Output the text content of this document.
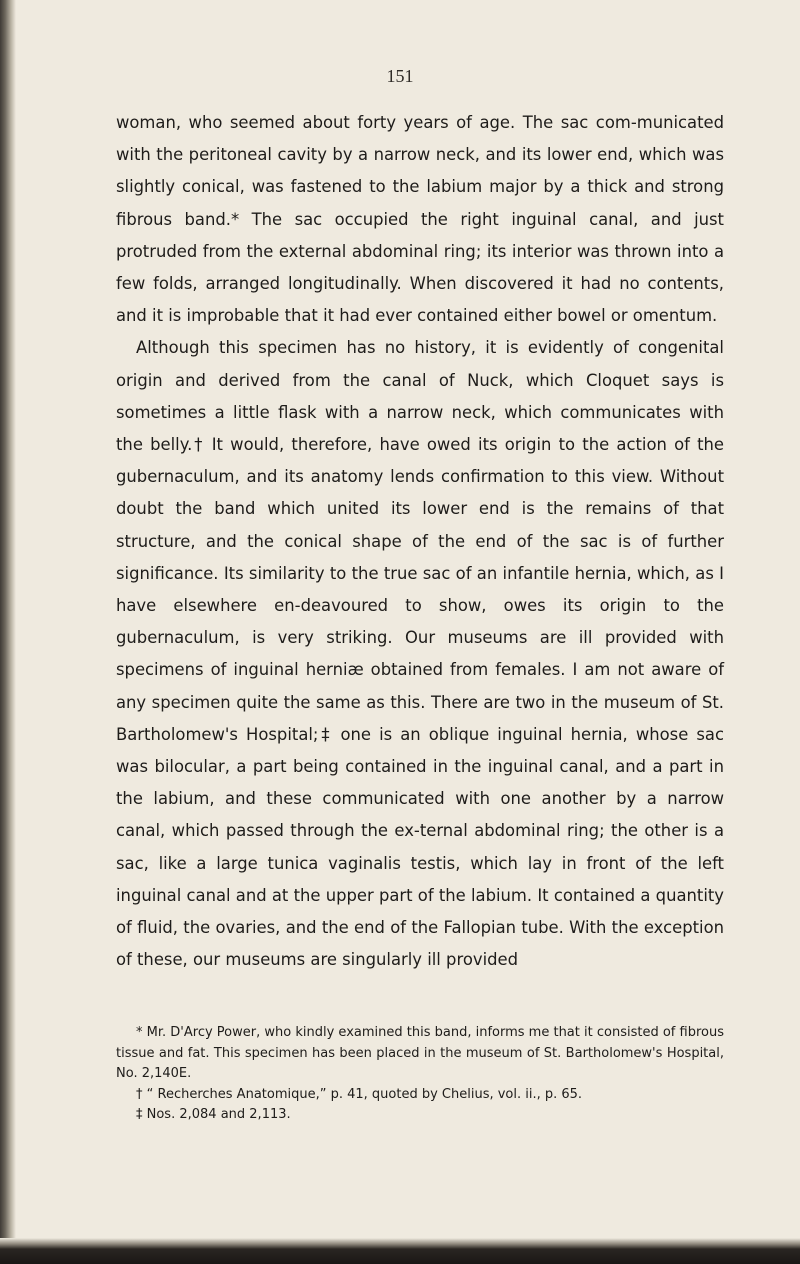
151

woman, who seemed about forty years of age. The sac com-municated with the peritoneal cavity by a narrow neck, and its lower end, which was slightly conical, was fastened to the labium major by a thick and strong fibrous band.* The sac occupied the right inguinal canal, and just protruded from the external abdominal ring; its interior was thrown into a few folds, arranged longitudinally. When discovered it had no contents, and it is improbable that it had ever contained either bowel or omentum.

Although this specimen has no history, it is evidently of congenital origin and derived from the canal of Nuck, which Cloquet says is sometimes a little flask with a narrow neck, which communicates with the belly.† It would, therefore, have owed its origin to the action of the gubernaculum, and its anatomy lends confirmation to this view. Without doubt the band which united its lower end is the remains of that structure, and the conical shape of the end of the sac is of further significance. Its similarity to the true sac of an infantile hernia, which, as I have elsewhere en-deavoured to show, owes its origin to the gubernaculum, is very striking. Our museums are ill provided with specimens of inguinal herniæ obtained from females. I am not aware of any specimen quite the same as this. There are two in the museum of St. Bartholomew's Hospital;‡ one is an oblique inguinal hernia, whose sac was bilocular, a part being contained in the inguinal canal, and a part in the labium, and these communicated with one another by a narrow canal, which passed through the ex-ternal abdominal ring; the other is a sac, like a large tunica vaginalis testis, which lay in front of the left inguinal canal and at the upper part of the labium. It contained a quantity of fluid, the ovaries, and the end of the Fallopian tube. With the exception of these, our museums are singularly ill provided

* Mr. D'Arcy Power, who kindly examined this band, informs me that it consisted of fibrous tissue and fat. This specimen has been placed in the museum of St. Bartholomew's Hospital, No. 2,140E.

† “ Recherches Anatomique,” p. 41, quoted by Chelius, vol. ii., p. 65.

‡ Nos. 2,084 and 2,113.
